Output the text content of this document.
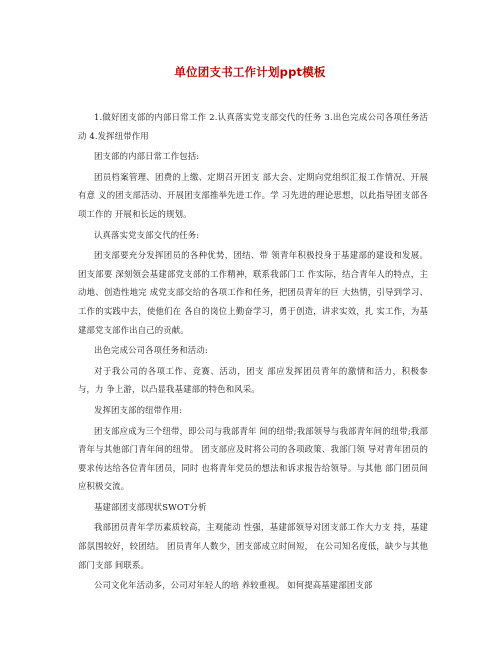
单位团支书工作计划ppt模板

1.做好团支部的内部日常工作 2.认真落实党支部交代的任务 3.出色完成公司各项任务活动 4.发挥纽带作用

团支部的内部日常工作包括:

团员档案管理、团费的上缴、定期召开团支 部大会、定期向党组织汇报工作情况、开展有意 义的团支部活动、开展团支部推举先进工作。学 习先进的理论思想，以此指导团支部各项工作的 开展和长远的规划。

认真落实党支部交代的任务:

团支部要充分发挥团员的各种优势，团结、带 领青年积极投身于基建部的建设和发展。团支部要 深刻领会基建部党支部的工作精神，联系我部门工 作实际，结合青年人的特点，主动地、创造性地完 成党支部交给的各项工作和任务，把团员青年的巨 大热情，引导到学习、工作的实践中去，使他们在 各自的岗位上勤奋学习，勇于创造，讲求实效，扎 实工作，为基建部党支部作出自己的贡献。

出色完成公司各项任务和活动:

对于我公司的各项工作、竞赛、活动，团支 部应发挥团员青年的激情和活力，积极参与，力 争上游，以凸显我基建部的特色和风采。

发挥团支部的纽带作用:

团支部应成为三个纽带，即公司与我部青年 间的纽带;我部领导与我部青年间的纽带;我部 青年与其他部门青年间的纽带。 团支部应及时将公司的各项政策、我部门领 导对青年团员的要求传达给各位青年团员，同时 也将青年党员的想法和诉求报告给领导。与其他 部门团员间应积极交流。

基建部团支部现状SWOT分析

我部团员青年学历素质较高，主观能动 性强，基建部领导对团支部工作大力支 持，基建部氛围较好，较团结。 团员青年人数少，团支部成立时间短， 在公司知名度低，缺少与其他部门支部 间联系。

公司文化年活动多，公司对年轻人的培 养较重视。 如何提高基建部团支部
